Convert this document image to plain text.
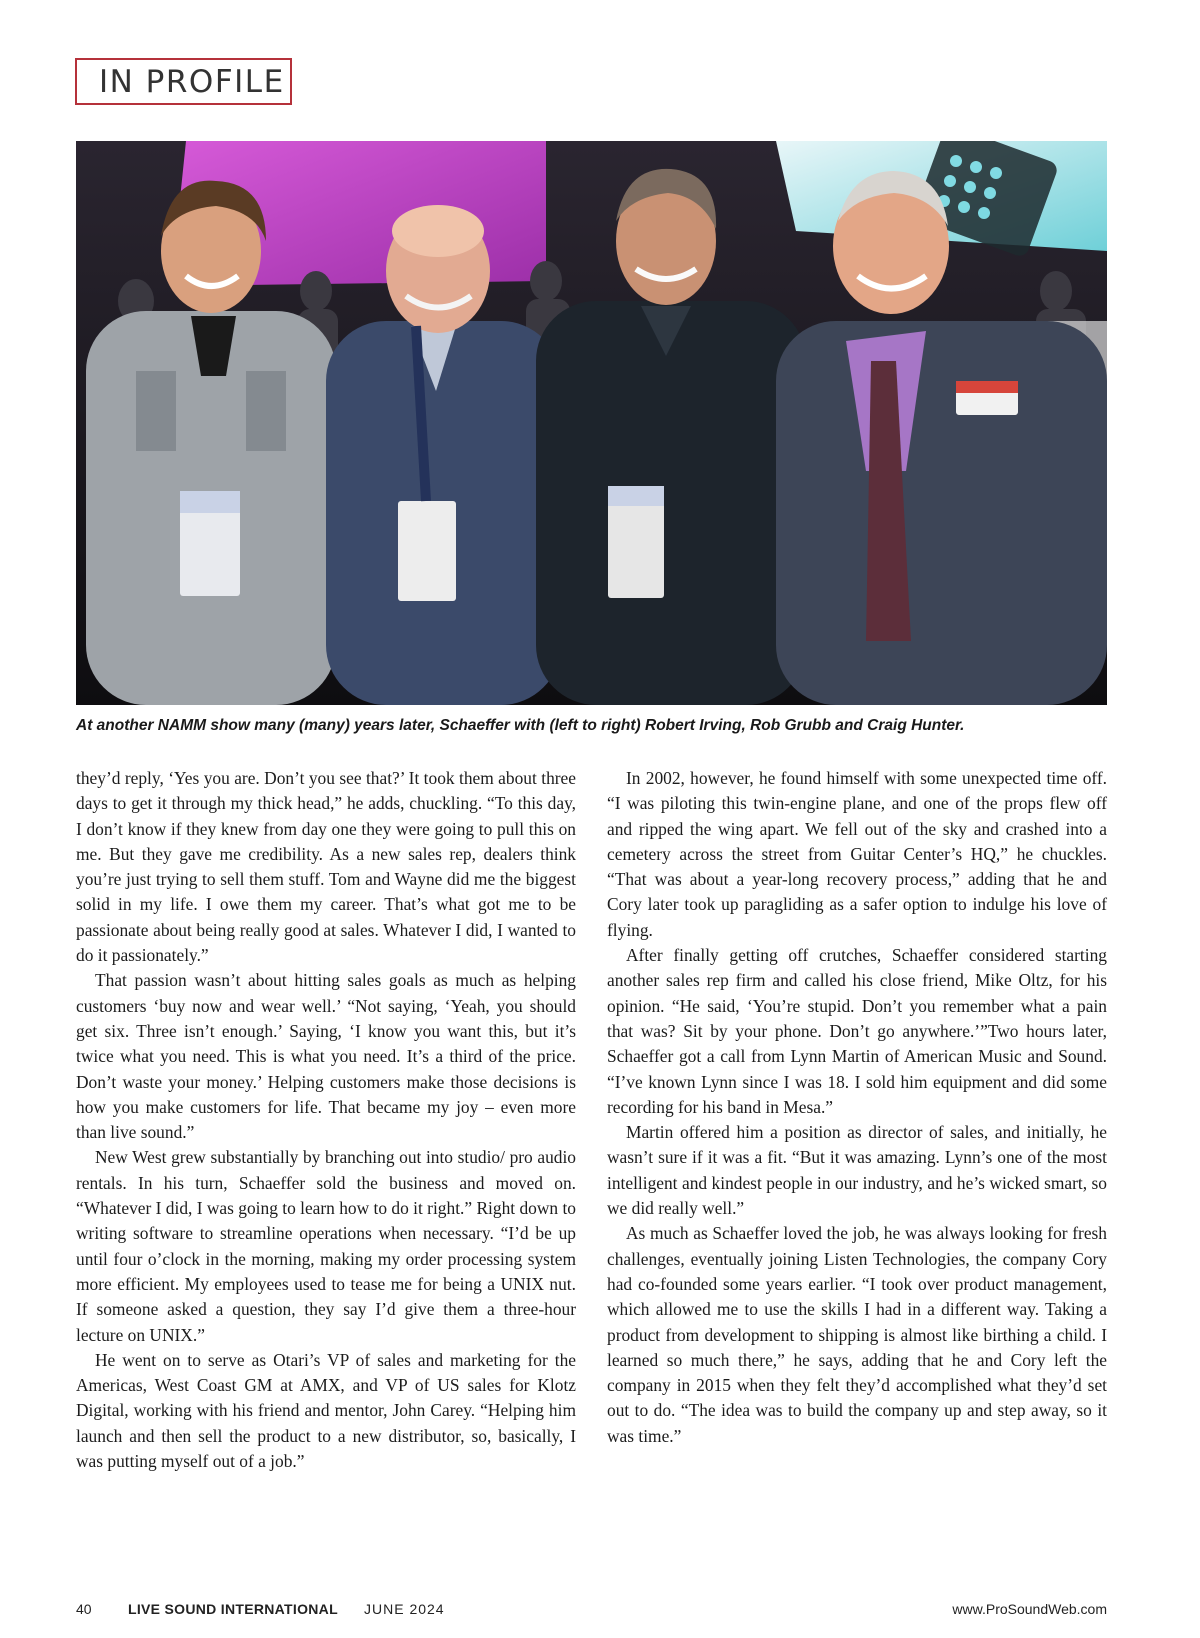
IN PROFILE

At another NAMM show many (many) years later, Schaeffer with (left to right) Robert Irving, Rob Grubb and Craig Hunter.

they’d reply, ‘Yes you are. Don’t you see that?’ It took them about three days to get it through my thick head,” he adds, chuckling. “To this day, I don’t know if they knew from day one they were going to pull this on me. But they gave me credibility. As a new sales rep, dealers think you’re just trying to sell them stuff. Tom and Wayne did me the biggest solid in my life. I owe them my career. That’s what got me to be passionate about being really good at sales. Whatever I did, I wanted to do it passionately.”

That passion wasn’t about hitting sales goals as much as helping customers ‘buy now and wear well.’ “Not saying, ‘Yeah, you should get six. Three isn’t enough.’ Saying, ‘I know you want this, but it’s twice what you need. This is what you need. It’s a third of the price. Don’t waste your money.’ Helping customers make those decisions is how you make customers for life. That became my joy – even more than live sound.”

New West grew substantially by branching out into studio/ pro audio rentals. In his turn, Schaeffer sold the business and moved on. “Whatever I did, I was going to learn how to do it right.” Right down to writing software to streamline operations when necessary. “I’d be up until four o’clock in the morning, making my order processing system more efficient. My employees used to tease me for being a UNIX nut. If someone asked a question, they say I’d give them a three-hour lecture on UNIX.”

He went on to serve as Otari’s VP of sales and marketing for the Americas, West Coast GM at AMX, and VP of US sales for Klotz Digital, working with his friend and mentor, John Carey. “Helping him launch and then sell the product to a new distributor, so, basically, I was putting myself out of a job.”

In 2002, however, he found himself with some unexpected time off. “I was piloting this twin-engine plane, and one of the props flew off and ripped the wing apart. We fell out of the sky and crashed into a cemetery across the street from Guitar Center’s HQ,” he chuckles. “That was about a year-long recovery process,” adding that he and Cory later took up paragliding as a safer option to indulge his love of flying.

After finally getting off crutches, Schaeffer considered starting another sales rep firm and called his close friend, Mike Oltz, for his opinion. “He said, ‘You’re stupid. Don’t you remember what a pain that was? Sit by your phone. Don’t go anywhere.’”Two hours later, Schaeffer got a call from Lynn Martin of American Music and Sound. “I’ve known Lynn since I was 18. I sold him equipment and did some recording for his band in Mesa.”

Martin offered him a position as director of sales, and initially, he wasn’t sure if it was a fit. “But it was amazing. Lynn’s one of the most intelligent and kindest people in our industry, and he’s wicked smart, so we did really well.”

As much as Schaeffer loved the job, he was always looking for fresh challenges, eventually joining Listen Technologies, the company Cory had co-founded some years earlier. “I took over product management, which allowed me to use the skills I had in a different way. Taking a product from development to shipping is almost like birthing a child. I learned so much there,” he says, adding that he and Cory left the company in 2015 when they felt they’d accomplished what they’d set out to do. “The idea was to build the company up and step away, so it was time.”

40	LIVE SOUND INTERNATIONAL JUNE 2024	www.ProSoundWeb.com
